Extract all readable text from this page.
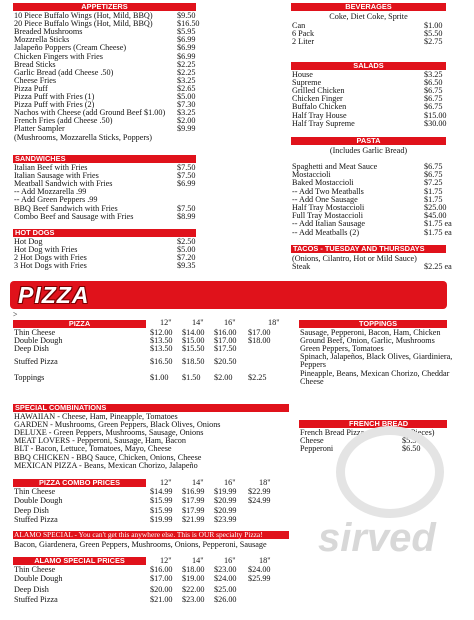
APPETIZERS
10 Piece Buffalo Wings (Hot, Mild, BBQ)	$9.50
20 Piece Buffalo Wings (Hot, Mild, BBQ)	$16.50
Breaded Mushrooms	$5.95
Mozzrella Sticks	$6.99
Jalapeño Poppers (Cream Cheese)	$6.99
Chicken Fingers with Fries	$6.99
Bread Sticks	$2.25
Garlic Bread (add Cheese .50)	$2.25
Cheese Fries	$3.25
Pizza Puff	$2.65
Pizza Puff with Fries (1)	$5.00
Pizza Puff with Fries (2)	$7.30
Nachos with Cheese (add Ground Beef $1.00) $3.25
French Fries (add Cheese .50)	$2.00
Platter Sampler	$9.99
(Mushrooms, Mozzarella Sticks, Poppers)
SANDWICHES
Italian Beef with Fries	$7.50
Italian Sausage with Fries	$7.50
Meatball Sandwich with Fries	$6.99
-- Add Mozzarella .99
-- Add Green Peppers .99
BBQ Beef Sandwich with Fries	$7.50
Combo Beef and Sausage with Fries	$8.99
HOT DOGS
Hot Dog	$2.50
Hot Dog with Fries	$5.00
2 Hot Dogs with Fries	$7.20
3 Hot Dogs with Fries	$9.35
BEVERAGES
Coke, Diet Coke, Sprite
Can	$1.00
6 Pack	$5.50
2 Liter	$2.75
SALADS
House	$3.25
Supreme	$6.50
Grilled Chicken	$6.75
Chicken Finger	$6.75
Buffalo Chicken	$6.75
Half Tray House	$15.00
Half Tray Supreme	$30.00
PASTA
(Includes Garlic Bread)
Spaghetti and Meat Sauce	$6.75
Mostaccioli	$6.75
Baked Mostaccioli	$7.25
-- Add Two Meatballs	$1.75
-- Add One Sausage	$1.75
Half Tray Mostaccioli	$25.00
Full Tray Mostaccioli	$45.00
-- Add Italian Sausage	$1.75 ea
-- Add Meatballs (2)	$1.75 ea
TACOS - TUESDAY AND THURSDAYS
(Onions, Cilantro, Hot or Mild Sauce)
Steak	$2.25 ea
PIZZA	12" 14" 16"	18"
Thin Cheese	$12.00 $14.00 $16.00 $17.00
Double Dough	$13.50 $15.00 $17.00 $18.00
Deep Dish	$13.50 $15.50 $17.50
Stuffed Pizza	$16.50 $18.50 $20.50
Toppings	$1.00 $1.50 $2.00 $2.25
TOPPINGS
Sausage, Pepperoni, Bacon, Ham, Chicken
Ground Beef, Onion, Garlic, Mushrooms
Green Peppers, Tomatoes
Spinach, Jalapeños, Black Olives, Giardiniera,
Peppers
Pineapple, Beans, Mexican Chorizo, Cheddar
Cheese
SPECIAL COMBINATIONS
HAWAIIAN - Cheese, Ham, Pineapple, Tomatoes
GARDEN - Mushrooms, Green Peppers, Black Olives, Onions
DELUXE - Green Peppers, Mushrooms, Sausage, Onions
MEAT LOVERS - Pepperoni, Sausage, Ham, Bacon
BLT - Bacon, Lettuce, Tomatoes, Mayo, Cheese
BBQ CHICKEN - BBQ Sauce, Chicken, Onions, Cheese
MEXICAN PIZZA - Beans, Mexican Chorizo, Jalapeño
FRENCH BREAD
French Bread Pizza	(2 Pieces)
Cheese	$5.50
Pepperoni	$6.50
PIZZA COMBO PRICES	12" 14" 16"	18"
Thin Cheese	$14.99 $16.99 $19.99 $22.99
Double Dough	$15.99 $17.99 $20.99 $24.99
Deep Dish	$15.99 $17.99 $20.99
Stuffed Pizza	$19.99 $21.99 $23.99
ALAMO SPECIAL - You can't get this anywhere else. This is OUR specialty Pizza!
Bacon, Giardenera, Green Peppers, Mushrooms, Onions, Pepperoni, Sausage
ALAMO SPECIAL PRICES	12" 14" 16"	18"
Thin Cheese	$16.00 $18.00 $23.00 $24.00
Double Dough	$17.00 $19.00 $24.00 $25.99
Deep Dish	$20.00 $22.00 $25.00
Stuffed Pizza	$21.00 $23.00 $26.00
sirved
PIZZA
>
